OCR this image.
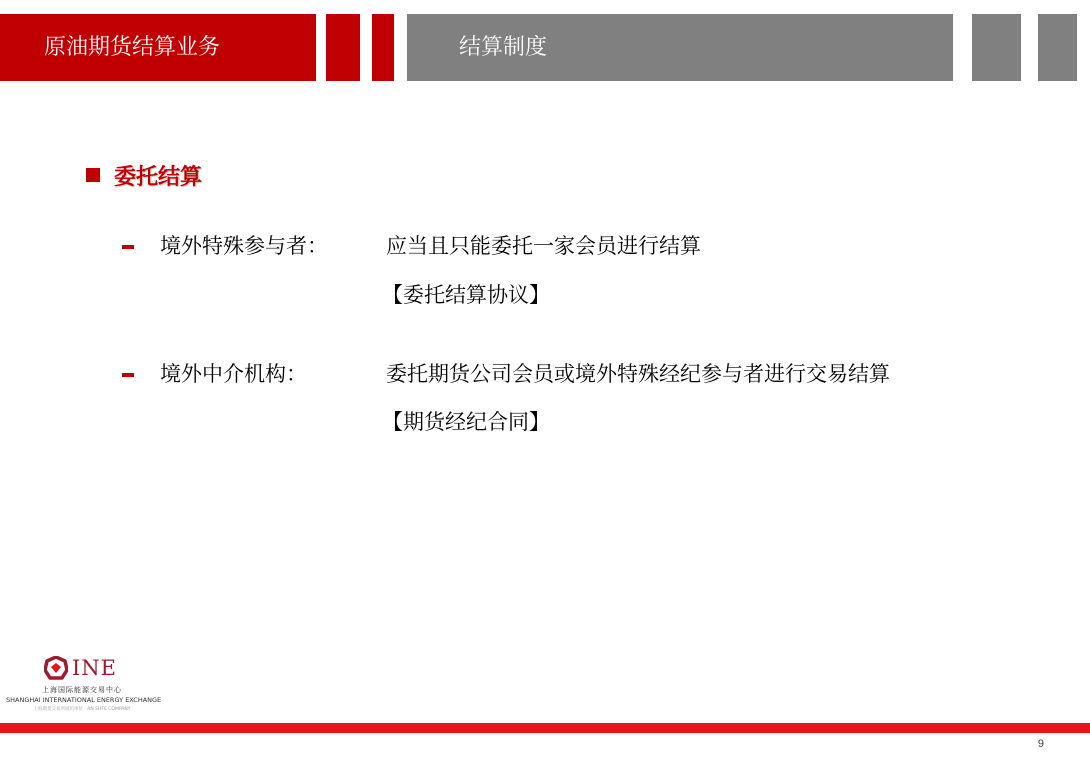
原油期货结算业务	结算制度
委托结算
境外特殊参与者：	应当且只能委托一家会员进行结算
【委托结算协议】
境外中介机构：	委托期货公司会员或境外特殊经纪参与者进行交易结算
【期货经纪合同】
INE
上海国际能源交易中心
SHANGHAI INTERNATIONAL ENERGY EXCHANGE
上海期货交易所成员单位 · AN SHFE COMPANY
9
